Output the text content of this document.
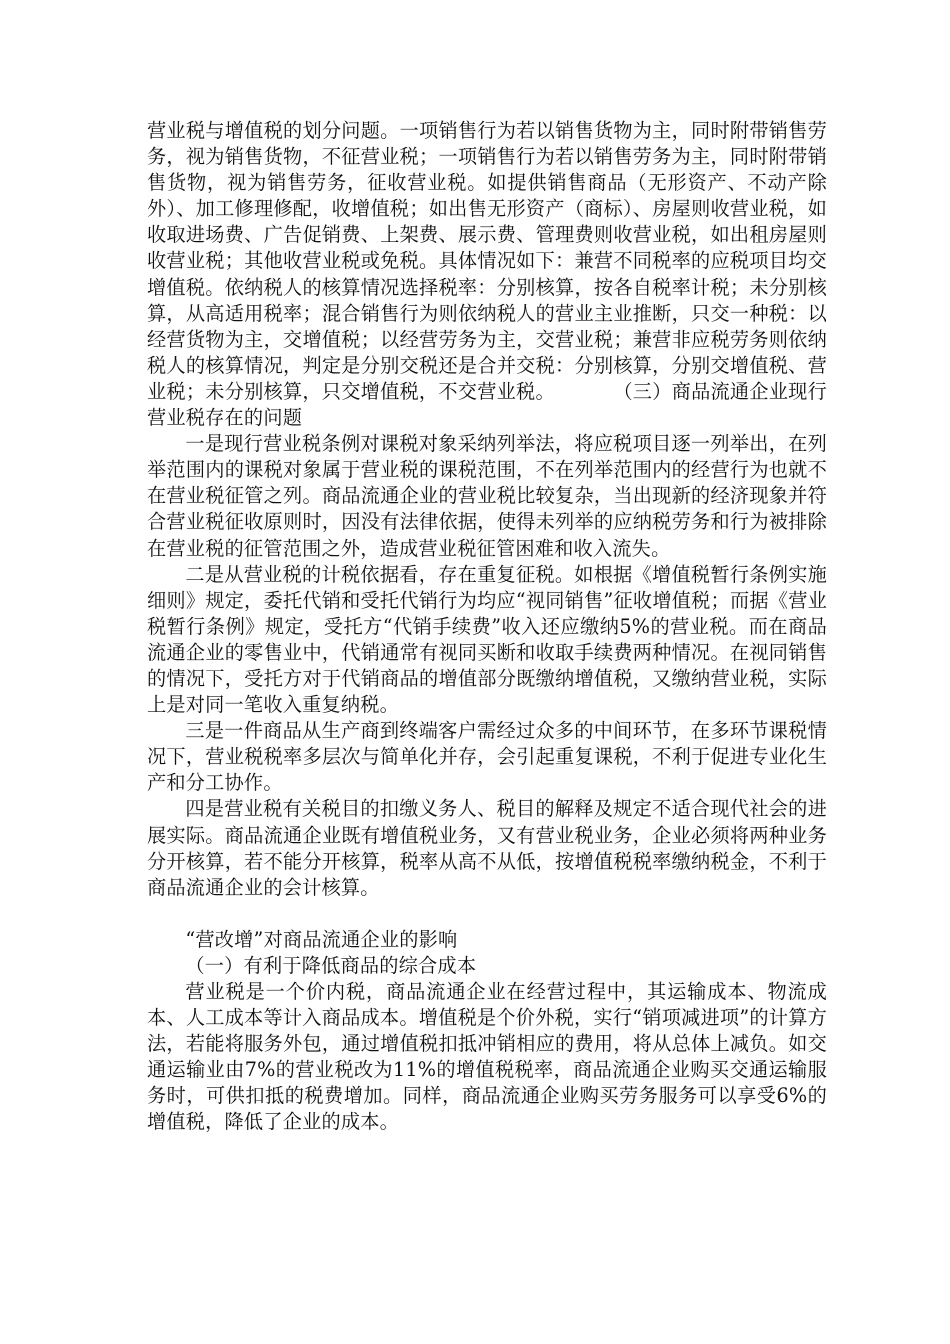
营业税与增值税的划分问题。一项销售行为若以销售货物为主，同时附带销售劳务，视为销售货物，不征营业税；一项销售行为若以销售劳务为主，同时附带销售货物，视为销售劳务，征收营业税。如提供销售商品（无形资产、不动产除外）、加工修理修配，收增值税；如出售无形资产（商标）、房屋则收营业税，如收取进场费、广告促销费、上架费、展示费、管理费则收营业税，如出租房屋则收营业税；其他收营业税或免税。具体情况如下：兼营不同税率的应税项目均交增值税。依纳税人的核算情况选择税率：分别核算，按各自税率计税；未分别核算，从高适用税率；混合销售行为则依纳税人的营业主业推断，只交一种税：以经营货物为主，交增值税；以经营劳务为主，交营业税；兼营非应税劳务则依纳税人的核算情况，判定是分别交税还是合并交税：分别核算，分别交增值税、营业税；未分别核算，只交增值税，不交营业税。　　　　（三）商品流通企业现行营业税存在的问题

一是现行营业税条例对课税对象采纳列举法，将应税项目逐一列举出，在列举范围内的课税对象属于营业税的课税范围，不在列举范围内的经营行为也就不在营业税征管之列。商品流通企业的营业税比较复杂，当出现新的经济现象并符合营业税征收原则时，因没有法律依据，使得未列举的应纳税劳务和行为被排除在营业税的征管范围之外，造成营业税征管困难和收入流失。

二是从营业税的计税依据看，存在重复征税。如根据《增值税暂行条例实施细则》规定，委托代销和受托代销行为均应“视同销售”征收增值税；而据《营业税暂行条例》规定，受托方“代销手续费”收入还应缴纳5%的营业税。而在商品流通企业的零售业中，代销通常有视同买断和收取手续费两种情况。在视同销售的情况下，受托方对于代销商品的增值部分既缴纳增值税，又缴纳营业税，实际上是对同一笔收入重复纳税。

三是一件商品从生产商到终端客户需经过众多的中间环节，在多环节课税情况下，营业税税率多层次与简单化并存，会引起重复课税，不利于促进专业化生产和分工协作。

四是营业税有关税目的扣缴义务人、税目的解释及规定不适合现代社会的进展实际。商品流通企业既有增值税业务，又有营业税业务，企业必须将两种业务分开核算，若不能分开核算，税率从高不从低，按增值税税率缴纳税金，不利于商品流通企业的会计核算。

“营改增”对商品流通企业的影响

（一）有利于降低商品的综合成本

营业税是一个价内税，商品流通企业在经营过程中，其运输成本、物流成本、人工成本等计入商品成本。增值税是个价外税，实行“销项减进项”的计算方法，若能将服务外包，通过增值税扣抵冲销相应的费用，将从总体上减负。如交通运输业由7%的营业税改为11%的增值税税率，商品流通企业购买交通运输服务时，可供扣抵的税费增加。同样，商品流通企业购买劳务服务可以享受6%的增值税，降低了企业的成本。
